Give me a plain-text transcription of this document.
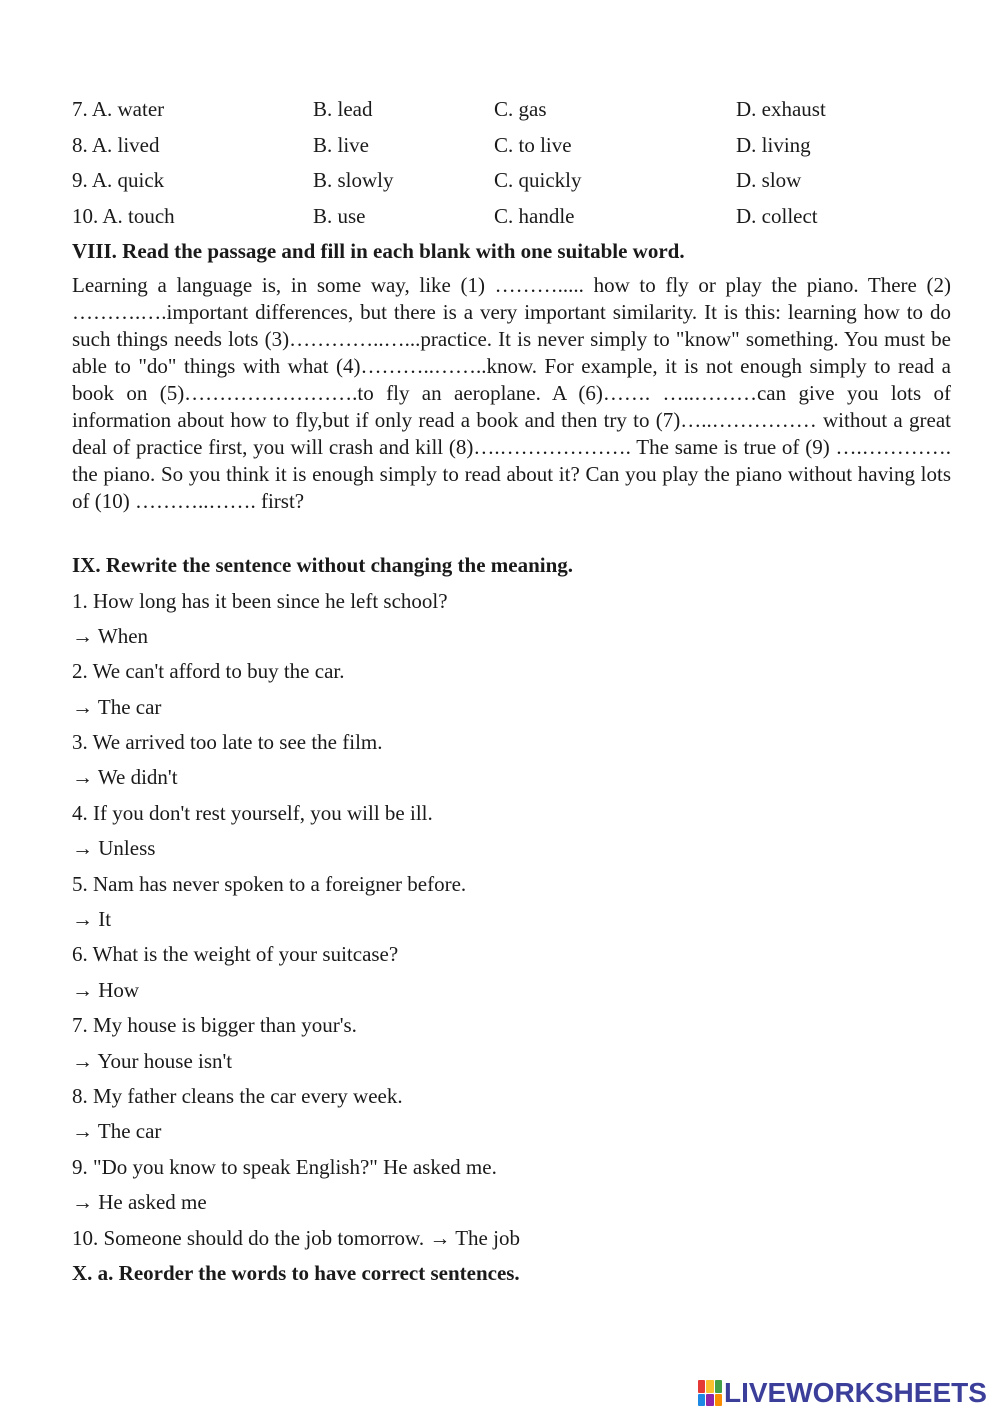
7. A. water	B. lead	C. gas	D. exhaust
8. A. lived	B. live	C. to live	D. living
9. A. quick	B. slowly	C. quickly	D. slow
10. A. touch	B. use	C. handle	D. collect
VIII. Read the passage and fill in each blank with one suitable word.
Learning a language is, in some way, like (1) ………..... how to fly or play the piano. There (2) ……….….important differences, but there is a very important similarity. It is this: learning how to do such things needs lots (3)…………..…...practice. It is never simply to "know" something. You must be able to "do" things with what (4)………..……..know. For example, it is not enough simply to read a book on (5)…………………….to fly an aeroplane. A (6)……. …..………can give you lots of information about how to fly,but if only read a book and then try to (7)…..…………… without a great deal of practice first, you will crash and kill (8)….………………. The same is true of (9) ….…………. the piano. So you think it is enough simply to read about it? Can you play the piano without having lots of (10) ………..……. first?
IX. Rewrite the sentence without changing the meaning.
1. How long has it been since he left school?
→ When
2. We can't afford to buy the car.
→ The car
3. We arrived too late to see the film.
→ We didn't
4. If you don't rest yourself, you will be ill.
→ Unless
5. Nam has never spoken to a foreigner before.
→ It
6. What is the weight of your suitcase?
→ How
7. My house is bigger than your's.
→ Your house isn't
8. My father cleans the car every week.
→ The car
9. "Do you know to speak English?" He asked me.
→ He asked me
10. Someone should do the job tomorrow. → The job
X. a. Reorder the words to have correct sentences.
LIVEWORKSHEETS
